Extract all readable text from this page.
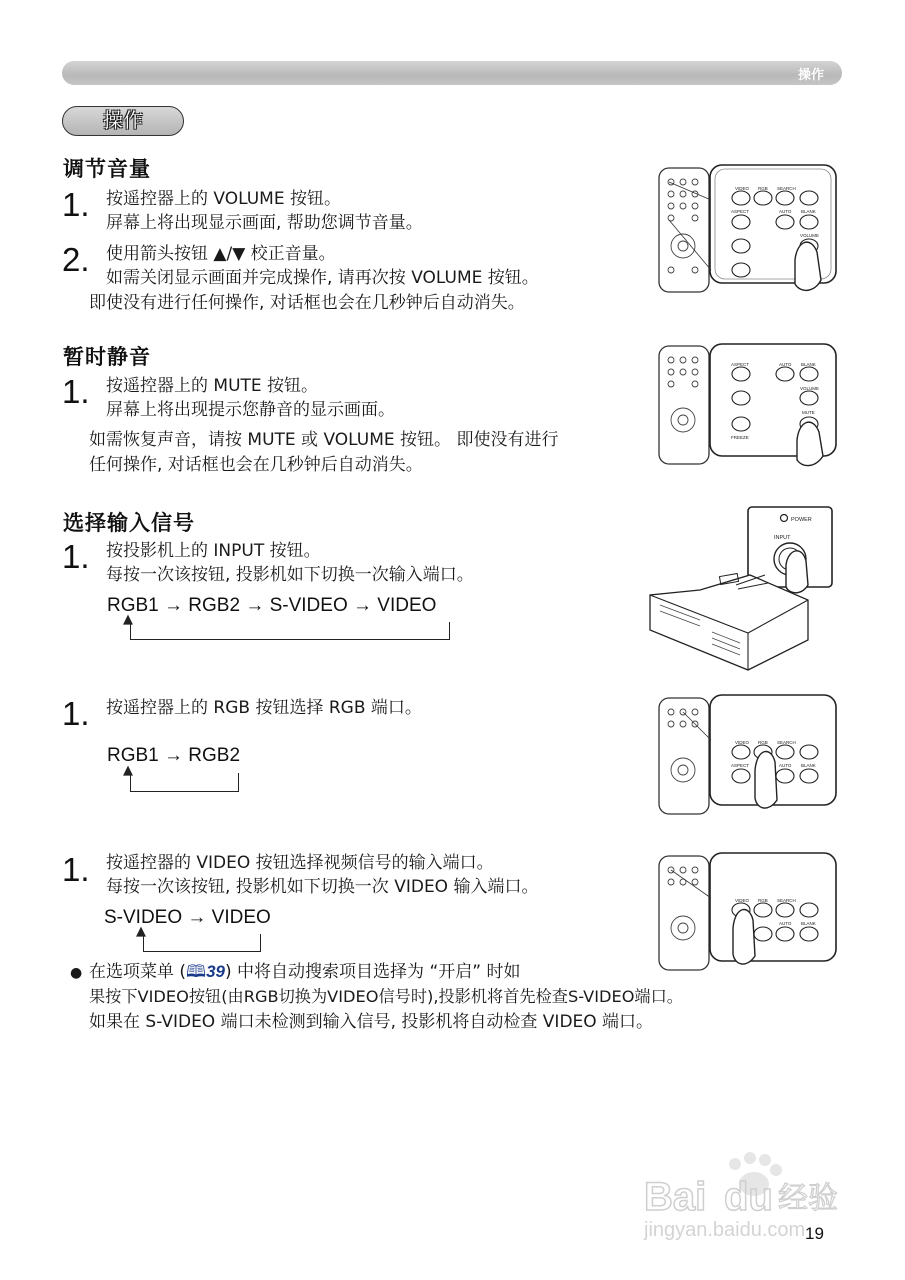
操作
操作
调节音量
1. 按遥控器上的 VOLUME 按钮。
屏幕上将出现显示画面, 帮助您调节音量。
2. 使用箭头按钮 ▲/▼ 校正音量。
如需关闭显示画面并完成操作, 请再次按 VOLUME 按钮。
即使没有进行任何操作, 对话框也会在几秒钟后自动消失。
暂时静音
1. 按遥控器上的 MUTE 按钮。
屏幕上将出现提示您静音的显示画面。
如需恢复声音，请按 MUTE 或 VOLUME 按钮。 即使没有进行
任何操作, 对话框也会在几秒钟后自动消失。
选择输入信号
1. 按投影机上的 INPUT 按钮。
每按一次该按钮, 投影机如下切换一次输入端口。
RGB1 → RGB2 → S-VIDEO → VIDEO
▲
1. 按遥控器上的 RGB 按钮选择 RGB 端口。
RGB1 → RGB2
▲
1. 按遥控器的 VIDEO 按钮选择视频信号的输入端口。
每按一次该按钮, 投影机如下切换一次 VIDEO 输入端口。
S-VIDEO → VIDEO
▲
● 在选项菜单 (🕮39) 中将自动搜索项目选择为 “开启” 时如
果按下VIDEO按钮(由RGB切换为VIDEO信号时),投影机将首先检查S-VIDEO端口。
如果在 S-VIDEO 端口未检测到输入信号, 投影机将自动检查 VIDEO 端口。
VIDEO RGB SEARCH
ASPECT	AUTO BLANK
VOLUME
ASPECT	AUTO BLANK
VOLUME
MUTE
FREEZE
POWER
INPUT
VIDEO RGB SEARCH
ASPECT	AUTO BLANK
VIDEO RGB SEARCH
AUTO BLANK
Bai du 经验
jingyan.baidu.com 19
